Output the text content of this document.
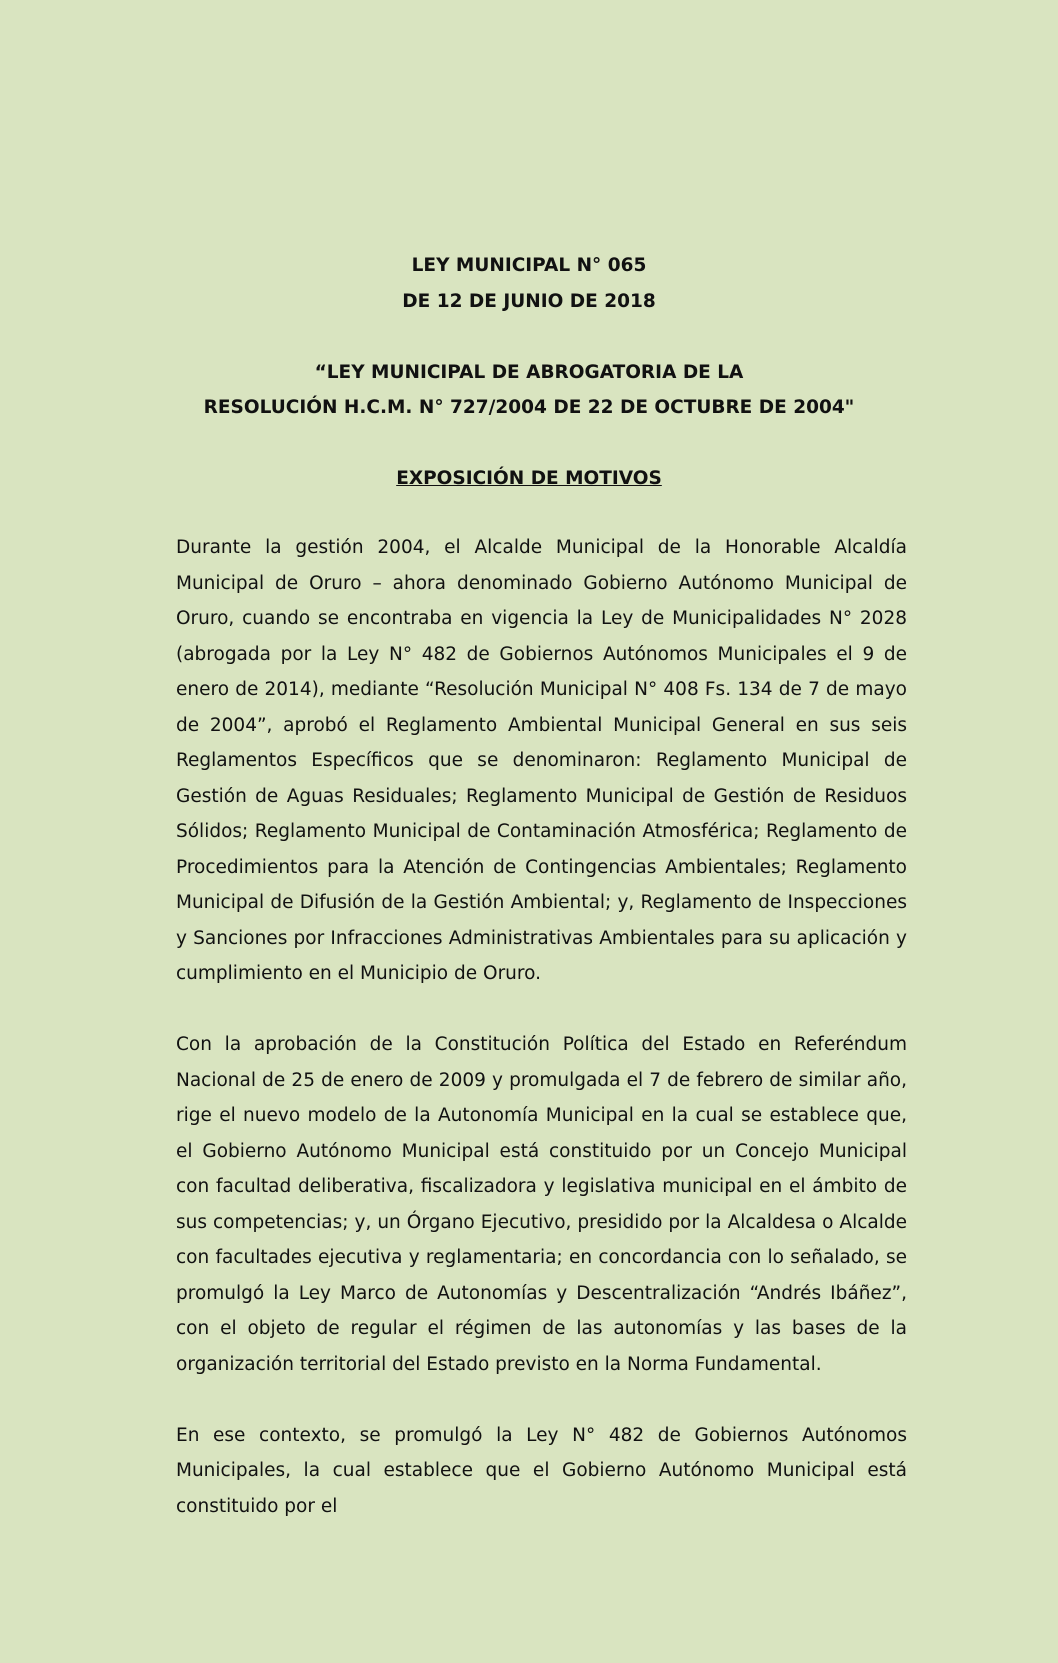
LEY MUNICIPAL N° 065
DE 12 DE JUNIO DE 2018
“LEY MUNICIPAL DE ABROGATORIA DE LA
RESOLUCIÓN H.C.M. N° 727/2004 DE 22 DE OCTUBRE DE 2004"
EXPOSICIÓN DE MOTIVOS

Durante la gestión 2004, el Alcalde Municipal de la Honorable Alcaldía Municipal de Oruro – ahora denominado Gobierno Autónomo Municipal de Oruro, cuando se encontraba en vigencia la Ley de Municipalidades N° 2028 (abrogada por la Ley N° 482 de Gobiernos Autónomos Municipales el 9 de enero de 2014), mediante “Resolución Municipal N° 408 Fs. 134 de 7 de mayo de 2004”, aprobó el Reglamento Ambiental Municipal General en sus seis Reglamentos Específicos que se denominaron: Reglamento Municipal de Gestión de Aguas Residuales; Reglamento Municipal de Gestión de Residuos Sólidos; Reglamento Municipal de Contaminación Atmosférica; Reglamento de Procedimientos para la Atención de Contingencias Ambientales; Reglamento Municipal de Difusión de la Gestión Ambiental; y, Reglamento de Inspecciones y Sanciones por Infracciones Administrativas Ambientales para su aplicación y cumplimiento en el Municipio de Oruro.

Con la aprobación de la Constitución Política del Estado en Referéndum Nacional de 25 de enero de 2009 y promulgada el 7 de febrero de similar año, rige el nuevo modelo de la Autonomía Municipal en la cual se establece que, el Gobierno Autónomo Municipal está constituido por un Concejo Municipal con facultad deliberativa, fiscalizadora y legislativa municipal en el ámbito de sus competencias; y, un Órgano Ejecutivo, presidido por la Alcaldesa o Alcalde con facultades ejecutiva y reglamentaria; en concordancia con lo señalado, se promulgó la Ley Marco de Autonomías y Descentralización “Andrés Ibáñez”, con el objeto de regular el régimen de las autonomías y las bases de la organización territorial del Estado previsto en la Norma Fundamental.

En ese contexto, se promulgó la Ley N° 482 de Gobiernos Autónomos Municipales, la cual establece que el Gobierno Autónomo Municipal está constituido por el
